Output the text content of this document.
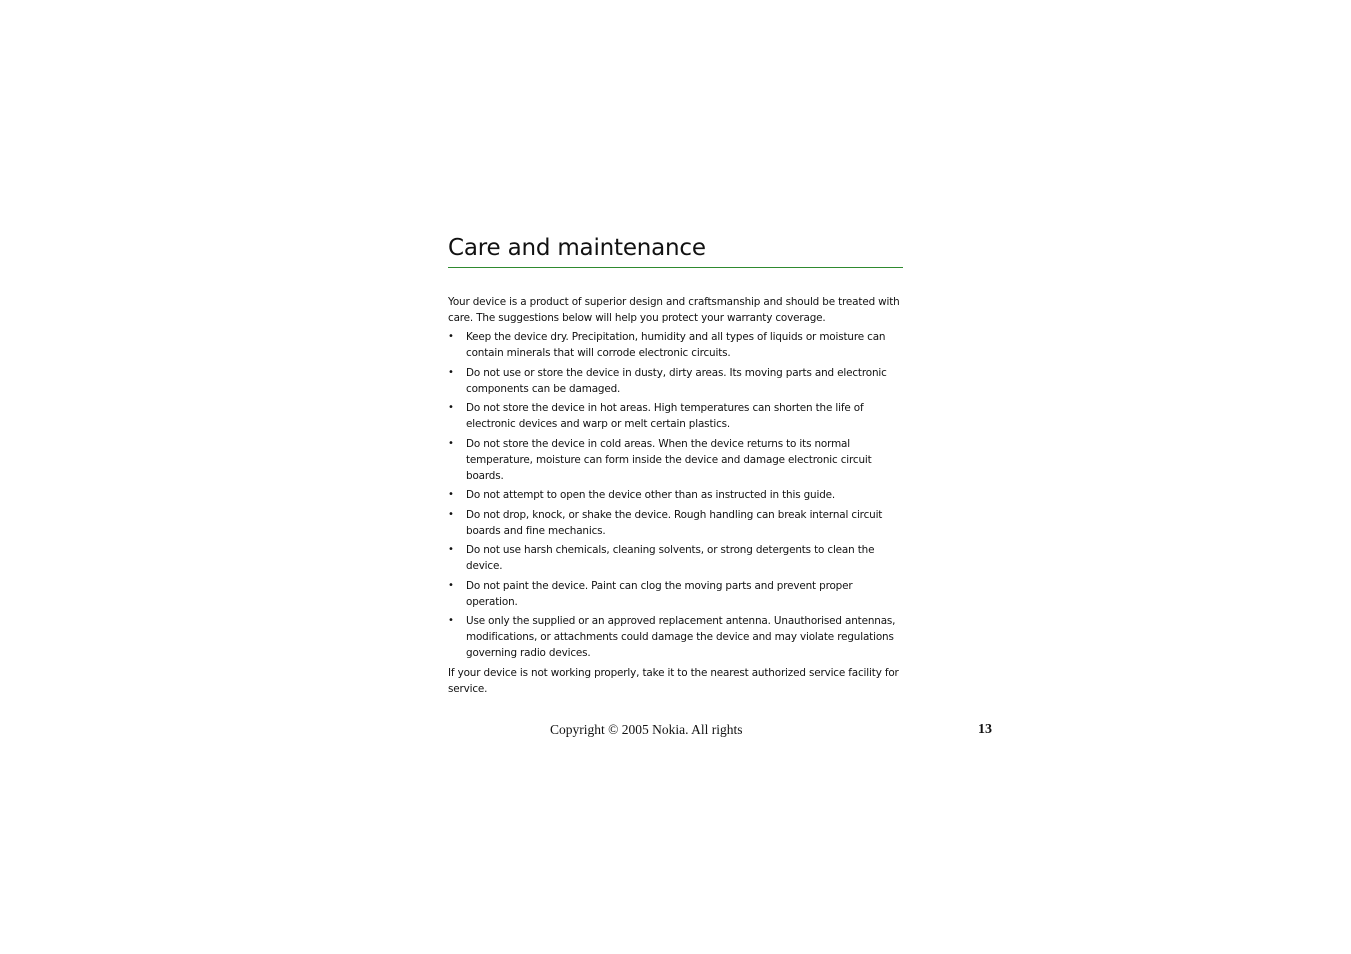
Care and maintenance

Your device is a product of superior design and craftsmanship and should be treated with care. The suggestions below will help you protect your warranty coverage.

• Keep the device dry. Precipitation, humidity and all types of liquids or moisture can contain minerals that will corrode electronic circuits.
• Do not use or store the device in dusty, dirty areas. Its moving parts and electronic components can be damaged.
• Do not store the device in hot areas. High temperatures can shorten the life of electronic devices and warp or melt certain plastics.
• Do not store the device in cold areas. When the device returns to its normal temperature, moisture can form inside the device and damage electronic circuit boards.
• Do not attempt to open the device other than as instructed in this guide.
• Do not drop, knock, or shake the device. Rough handling can break internal circuit boards and fine mechanics.
• Do not use harsh chemicals, cleaning solvents, or strong detergents to clean the device.
• Do not paint the device. Paint can clog the moving parts and prevent proper operation.
• Use only the supplied or an approved replacement antenna. Unauthorised antennas, modifications, or attachments could damage the device and may violate regulations governing radio devices.

If your device is not working properly, take it to the nearest authorized service facility for service.

Copyright © 2005 Nokia. All rights	13
